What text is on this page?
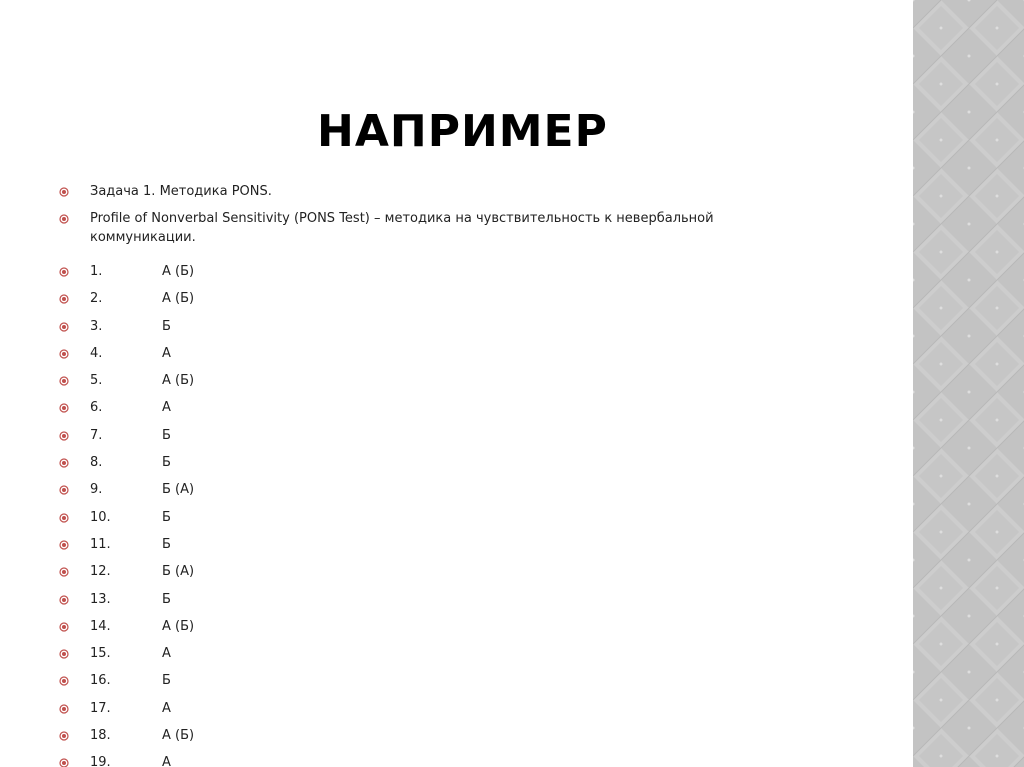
НАПРИМЕР
Задача 1. Методика PONS.
Profile of Nonverbal Sensitivity (PONS Test) – методика на чувствительность к невербальной коммуникации.
1.	А (Б)
2.	А (Б)
3.	Б
4.	А
5.	А (Б)
6.	А
7.	Б
8.	Б
9.	Б (А)
10.	Б
11.	Б
12.	Б (А)
13.	Б
14.	А (Б)
15.	А
16.	Б
17.	А
18.	А (Б)
19.	А
